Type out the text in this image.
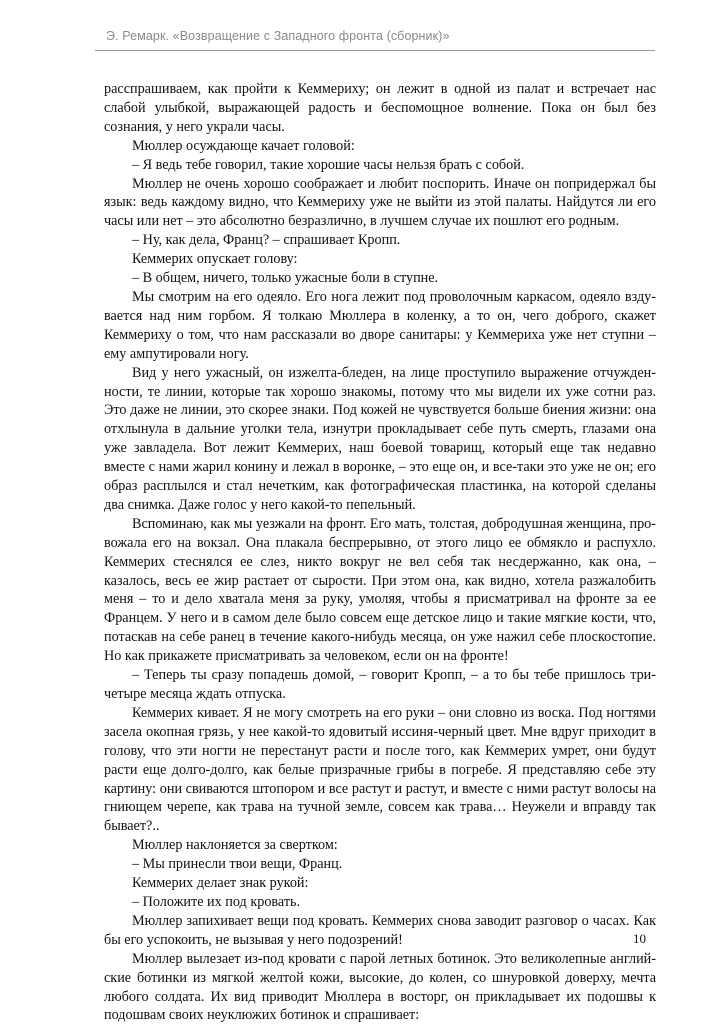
Э. Ремарк. «Возвращение с Западного фронта (сборник)»

расспрашиваем, как пройти к Кеммериху; он лежит в одной из палат и встречает нас слабой улыбкой, выражающей радость и беспомощное волнение. Пока он был без сознания, у него украли часы.

Мюллер осуждающе качает головой:

– Я ведь тебе говорил, такие хорошие часы нельзя брать с собой.

Мюллер не очень хорошо соображает и любит поспорить. Иначе он попридержал бы язык: ведь каждому видно, что Кеммериху уже не выйти из этой палаты. Найдутся ли его часы или нет – это абсолютно безразлично, в лучшем случае их пошлют его родным.

– Ну, как дела, Франц? – спрашивает Кропп.

Кеммерих опускает голову:

– В общем, ничего, только ужасные боли в ступне.

Мы смотрим на его одеяло. Его нога лежит под проволочным каркасом, одеяло вздувается над ним горбом. Я толкаю Мюллера в коленку, а то он, чего доброго, скажет Кеммериху о том, что нам рассказали во дворе санитары: у Кеммериха уже нет ступни – ему ампутировали ногу.

Вид у него ужасный, он изжелта-бледен, на лице проступило выражение отчужденности, те линии, которые так хорошо знакомы, потому что мы видели их уже сотни раз. Это даже не линии, это скорее знаки. Под кожей не чувствуется больше биения жизни: она отхлынула в дальние уголки тела, изнутри прокладывает себе путь смерть, глазами она уже завладела. Вот лежит Кеммерих, наш боевой товарищ, который еще так недавно вместе с нами жарил конину и лежал в воронке, – это еще он, и все-таки это уже не он; его образ расплылся и стал нечетким, как фотографическая пластинка, на которой сделаны два снимка. Даже голос у него какой-то пепельный.

Вспоминаю, как мы уезжали на фронт. Его мать, толстая, добродушная женщина, провожала его на вокзал. Она плакала беспрерывно, от этого лицо ее обмякло и распухло. Кеммерих стеснялся ее слез, никто вокруг не вел себя так несдержанно, как она, – казалось, весь ее жир растает от сырости. При этом она, как видно, хотела разжалобить меня – то и дело хватала меня за руку, умоляя, чтобы я присматривал на фронте за ее Францем. У него и в самом деле было совсем еще детское лицо и такие мягкие кости, что, потаскав на себе ранец в течение какого-нибудь месяца, он уже нажил себе плоскостопие. Но как прикажете присматривать за человеком, если он на фронте!

– Теперь ты сразу попадешь домой, – говорит Кропп, – а то бы тебе пришлось тричетыре месяца ждать отпуска.

Кеммерих кивает. Я не могу смотреть на его руки – они словно из воска. Под ногтями засела окопная грязь, у нее какой-то ядовитый иссиня-черный цвет. Мне вдруг приходит в голову, что эти ногти не перестанут расти и после того, как Кеммерих умрет, они будут расти еще долго-долго, как белые призрачные грибы в погребе. Я представляю себе эту картину: они свиваются штопором и все растут и растут, и вместе с ними растут волосы на гниющем черепе, как трава на тучной земле, совсем как трава… Неужели и вправду так бывает?..

Мюллер наклоняется за свертком:

– Мы принесли твои вещи, Франц.

Кеммерих делает знак рукой:

– Положите их под кровать.

Мюллер запихивает вещи под кровать. Кеммерих снова заводит разговор о часах. Как бы его успокоить, не вызывая у него подозрений!

Мюллер вылезает из-под кровати с парой летных ботинок. Это великолепные английские ботинки из мягкой желтой кожи, высокие, до колен, со шнуровкой доверху, мечта любого солдата. Их вид приводит Мюллера в восторг, он прикладывает их подошвы к подошвам своих неуклюжих ботинок и спрашивает:

10
